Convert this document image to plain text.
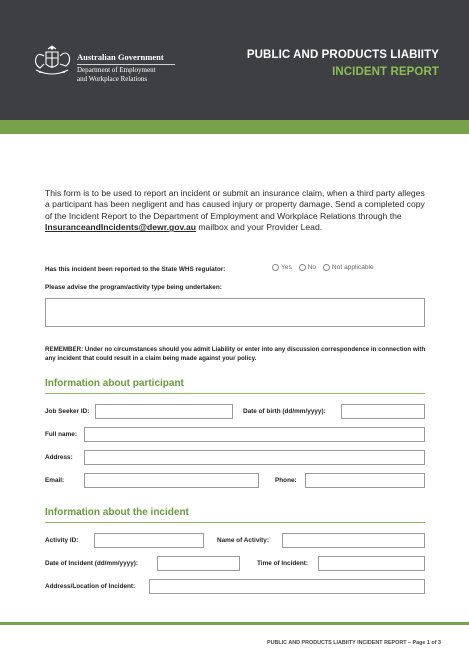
Australian Government
Department of Employment
and Workplace Relations
PUBLIC AND PRODUCTS LIABIITY
INCIDENT REPORT

This form is to be used to report an incident or submit an insurance claim, when a third party alleges a participant has been negligent and has caused injury or property damage. Send a completed copy of the Incident Report to the Department of Employment and Workplace Relations through the InsuranceandIncidents@dewr.gov.au mailbox and your Provider Lead.

Has this incident been reported to the State WHS regulator:	Yes
No
Not applicable
Please advise the program/activity type being undertaken:
REMEMBER: Under no circumstances should you admit Liability or enter into any discussion correspondence in connection with any incident that could result in a claim being made against your policy.
Information about participant
Job Seeker ID:	Date of birth (dd/mm/yyyy):
Full name:
Address:
Email:	Phone:
Information about the incident
Activity ID:	Name of Activity:
Date of Incident (dd/mm/yyyy):	Time of Incident:
Address/Location of Incident:
PUBLIC AND PRODUCTS LIABIITY INCIDENT REPORT – Page 1 of 3
